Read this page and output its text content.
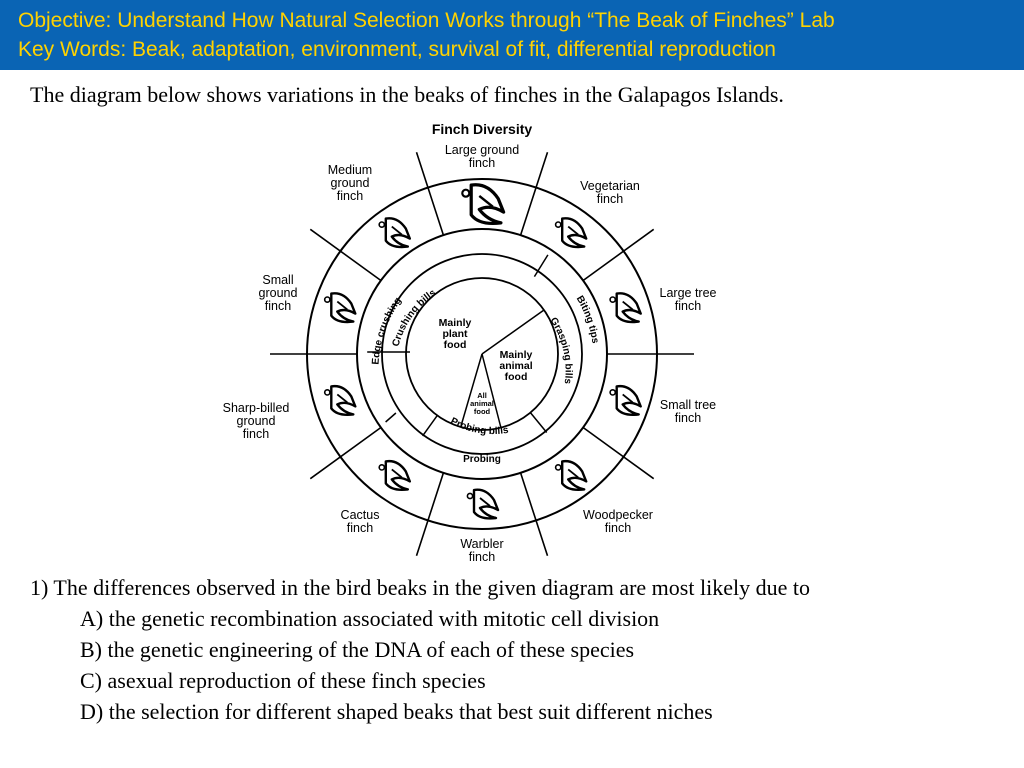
Objective: Understand How Natural Selection Works through “The Beak of Finches” Lab
Key Words: Beak, adaptation, environment, survival of fit, differential reproduction
The diagram below shows variations in the beaks of finches in the Galapagos Islands.
Finch Diversity
Large ground
finch
Vegetarian
finch
Large tree
finch
Small tree
finch
Woodpecker
finch
Warbler
finch
Cactus
finch
Sharp-billed
ground
finch
Small
ground
finch
Medium
ground
finch
Edge crushing
Crushing bills
Grasping bills
Biting tips
Probing bills
Probing
Mainly
plant
food
Mainly
animal
food
All
animal
food
1) The differences observed in the bird beaks in the given diagram are most likely due to
A) the genetic recombination associated with mitotic cell division
B) the genetic engineering of the DNA of each of these species
C) asexual reproduction of these finch species
D) the selection for different shaped beaks that best suit different niches
